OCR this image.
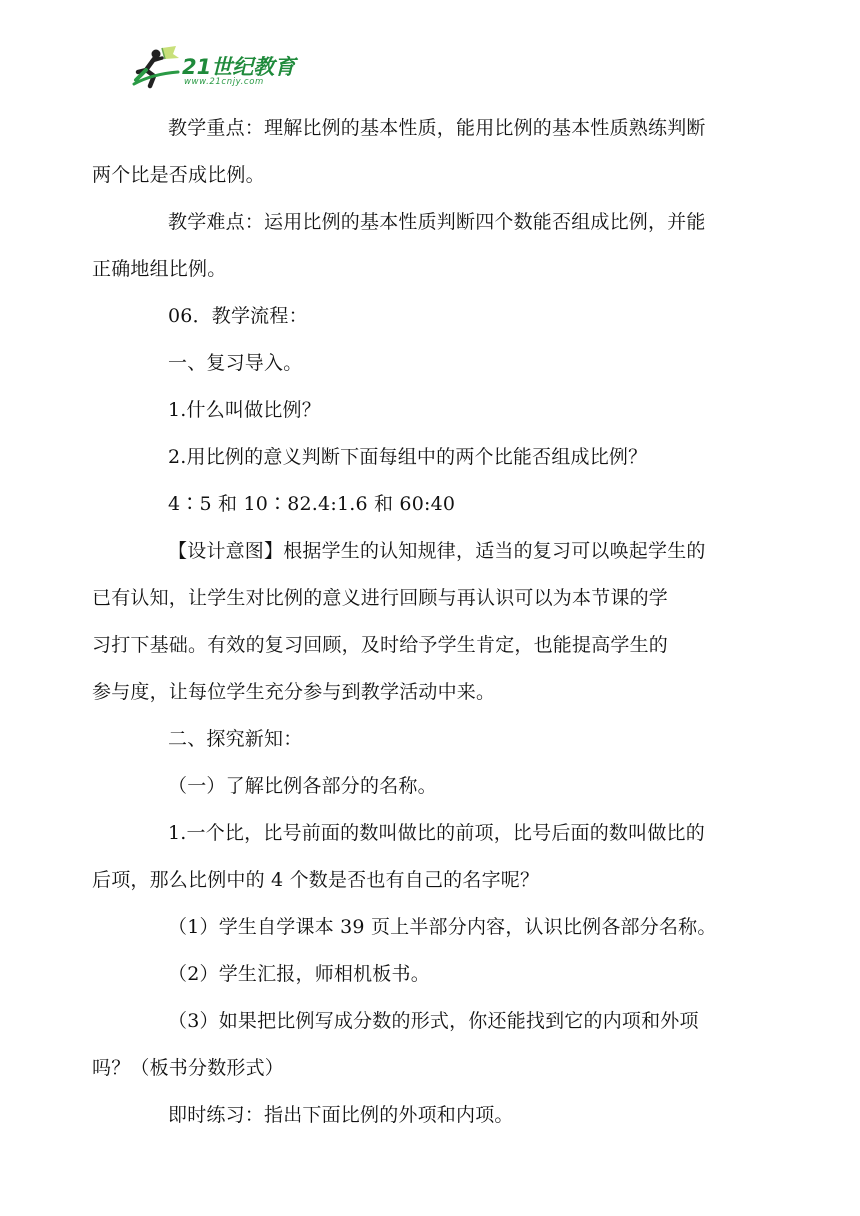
21世纪教育
www.21cnjy.com

教学重点：理解比例的基本性质，能用比例的基本性质熟练判断
两个比是否成比例。

教学难点：运用比例的基本性质判断四个数能否组成比例，并能
正确地组比例。

06．教学流程：

一、复习导入。

1.什么叫做比例？

2.用比例的意义判断下面每组中的两个比能否组成比例？

4∶5 和 10∶82.4:1.6 和 60:40

【设计意图】根据学生的认知规律，适当的复习可以唤起学生的
已有认知，让学生对比例的意义进行回顾与再认识可以为本节课的学
习打下基础。有效的复习回顾，及时给予学生肯定，也能提高学生的
参与度，让每位学生充分参与到教学活动中来。

二、探究新知：

（一）了解比例各部分的名称。

1.一个比，比号前面的数叫做比的前项，比号后面的数叫做比的
后项，那么比例中的 4 个数是否也有自己的名字呢？

（1）学生自学课本 39 页上半部分内容，认识比例各部分名称。

（2）学生汇报，师相机板书。

（3）如果把比例写成分数的形式，你还能找到它的内项和外项
吗？（板书分数形式）

即时练习：指出下面比例的外项和内项。
